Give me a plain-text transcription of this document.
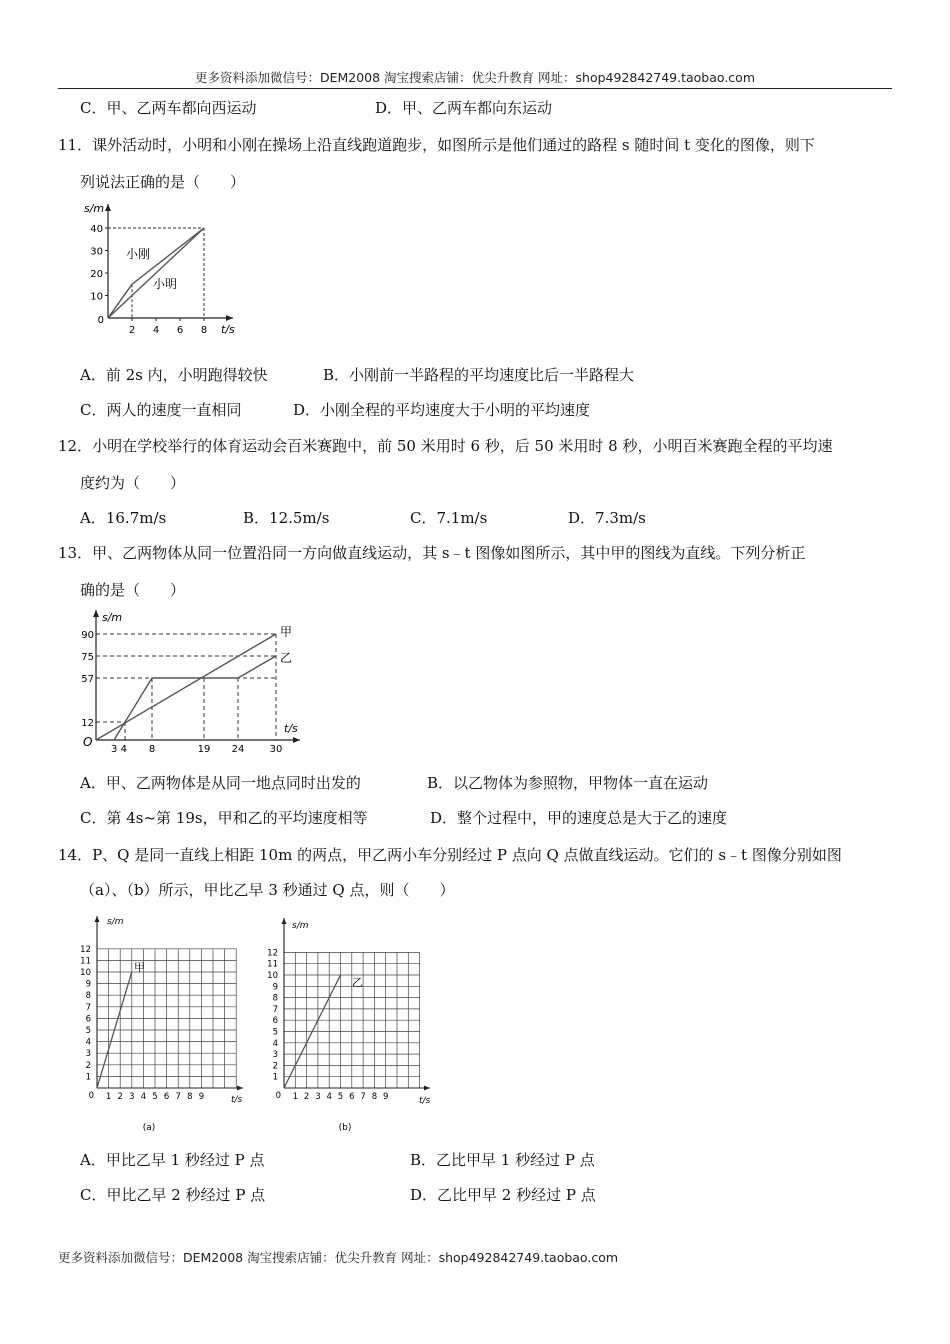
更多资料添加微信号：DEM2008 淘宝搜索店铺：优尖升教育 网址：shop492842749.taobao.com
C．甲、乙两车都向西运动	D．甲、乙两车都向东运动
11．课外活动时，小明和小刚在操场上沿直线跑道跑步，如图所示是他们通过的路程 s 随时间 t 变化的图像，则下
列说法正确的是（　　）
s/m
t/s
0
10
20
30
40
2 4 6 8
小刚
小明
A．前 2s 内，小明跑得较快	B．小刚前一半路程的平均速度比后一半路程大
C．两人的速度一直相同	D．小刚全程的平均速度大于小明的平均速度
12．小明在学校举行的体育运动会百米赛跑中，前 50 米用时 6 秒，后 50 米用时 8 秒，小明百米赛跑全程的平均速
度约为（　　）
A．16.7m/s	B．12.5m/s	C．7.1m/s	D．7.3m/s
13．甲、乙两物体从同一位置沿同一方向做直线运动，其 s﹣t 图像如图所示，其中甲的图线为直线。下列分析正
确的是（　　）
s/m
t/s
O
12
57
75
90
3 4 8	19 24	30
甲
乙
A．甲、乙两物体是从同一地点同时出发的	B．以乙物体为参照物，甲物体一直在运动
C．第 4s~第 19s，甲和乙的平均速度相等	D．整个过程中，甲的速度总是大于乙的速度
14．P、Q 是同一直线上相距 10m 的两点，甲乙两小车分别经过 P 点向 Q 点做直线运动。它们的 s﹣t 图像分别如图
（a）、（b）所示，甲比乙早 3 秒通过 Q 点，则（　　）
1
2
3
4
5
6
7
8
9
10
11
12
1 2 3 4 5 6 7 8 9
s/m
t/s
0
甲
(a)
1
2
3
4
5
6
7
8
9
10
11
12
1 2 3 4 5 6 7 8 9
s/m
t/s
0
乙
(b)
A．甲比乙早 1 秒经过 P 点	B．乙比甲早 1 秒经过 P 点
C．甲比乙早 2 秒经过 P 点	D．乙比甲早 2 秒经过 P 点
更多资料添加微信号：DEM2008 淘宝搜索店铺：优尖升教育 网址：shop492842749.taobao.com
